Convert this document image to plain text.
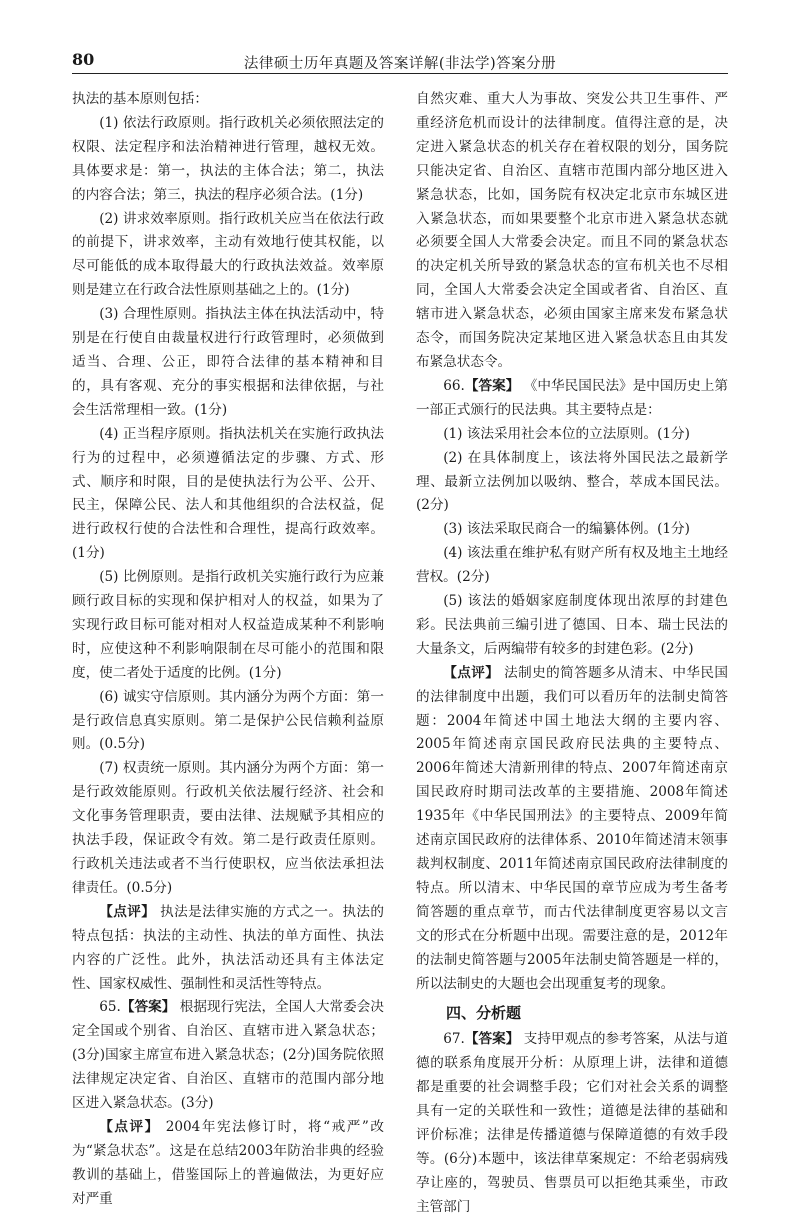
80	法律硕士历年真题及答案详解(非法学)答案分册

执法的基本原则包括：

(1) 依法行政原则。指行政机关必须依照法定的权限、法定程序和法治精神进行管理，越权无效。具体要求是：第一，执法的主体合法；第二，执法的内容合法；第三，执法的程序必须合法。(1分)

(2) 讲求效率原则。指行政机关应当在依法行政的前提下，讲求效率，主动有效地行使其权能，以尽可能低的成本取得最大的行政执法效益。效率原则是建立在行政合法性原则基础之上的。(1分)

(3) 合理性原则。指执法主体在执法活动中，特别是在行使自由裁量权进行行政管理时，必须做到适当、合理、公正，即符合法律的基本精神和目的，具有客观、充分的事实根据和法律依据，与社会生活常理相一致。(1分)

(4) 正当程序原则。指执法机关在实施行政执法行为的过程中，必须遵循法定的步骤、方式、形式、顺序和时限，目的是使执法行为公平、公开、民主，保障公民、法人和其他组织的合法权益，促进行政权行使的合法性和合理性，提高行政效率。(1分)

(5) 比例原则。是指行政机关实施行政行为应兼顾行政目标的实现和保护相对人的权益，如果为了实现行政目标可能对相对人权益造成某种不利影响时，应使这种不利影响限制在尽可能小的范围和限度，使二者处于适度的比例。(1分)

(6) 诚实守信原则。其内涵分为两个方面：第一是行政信息真实原则。第二是保护公民信赖利益原则。(0.5分)

(7) 权责统一原则。其内涵分为两个方面：第一是行政效能原则。行政机关依法履行经济、社会和文化事务管理职责，要由法律、法规赋予其相应的执法手段，保证政令有效。第二是行政责任原则。行政机关违法或者不当行使职权，应当依法承担法律责任。(0.5分)

【点评】 执法是法律实施的方式之一。执法的特点包括：执法的主动性、执法的单方面性、执法内容的广泛性。此外，执法活动还具有主体法定性、国家权威性、强制性和灵活性等特点。

65.【答案】 根据现行宪法，全国人大常委会决定全国或个别省、自治区、直辖市进入紧急状态；(3分)国家主席宣布进入紧急状态；(2分)国务院依照法律规定决定省、自治区、直辖市的范围内部分地区进入紧急状态。(3分)

【点评】 2004年宪法修订时，将“戒严”改为“紧急状态”。这是在总结2003年防治非典的经验教训的基础上，借鉴国际上的普遍做法，为更好应对严重

自然灾难、重大人为事故、突发公共卫生事件、严重经济危机而设计的法律制度。值得注意的是，决定进入紧急状态的机关存在着权限的划分，国务院只能决定省、自治区、直辖市范围内部分地区进入紧急状态，比如，国务院有权决定北京市东城区进入紧急状态，而如果要整个北京市进入紧急状态就必须要全国人大常委会决定。而且不同的紧急状态的决定机关所导致的紧急状态的宣布机关也不尽相同，全国人大常委会决定全国或者省、自治区、直辖市进入紧急状态，必须由国家主席来发布紧急状态令，而国务院决定某地区进入紧急状态且由其发布紧急状态令。

66.【答案】 《中华民国民法》是中国历史上第一部正式颁行的民法典。其主要特点是：

(1) 该法采用社会本位的立法原则。(1分)

(2) 在具体制度上，该法将外国民法之最新学理、最新立法例加以吸纳、整合，萃成本国民法。(2分)

(3) 该法采取民商合一的编纂体例。(1分)

(4) 该法重在维护私有财产所有权及地主土地经营权。(2分)

(5) 该法的婚姻家庭制度体现出浓厚的封建色彩。民法典前三编引进了德国、日本、瑞士民法的大量条文，后两编带有较多的封建色彩。(2分)

【点评】 法制史的简答题多从清末、中华民国的法律制度中出题，我们可以看历年的法制史简答题：2004年简述中国土地法大纲的主要内容、2005年简述南京国民政府民法典的主要特点、2006年简述大清新刑律的特点、2007年简述南京国民政府时期司法改革的主要措施、2008年简述1935年《中华民国刑法》的主要特点、2009年简述南京国民政府的法律体系、2010年简述清末领事裁判权制度、2011年简述南京国民政府法律制度的特点。所以清末、中华民国的章节应成为考生备考简答题的重点章节，而古代法律制度更容易以文言文的形式在分析题中出现。需要注意的是，2012年的法制史简答题与2005年法制史简答题是一样的，所以法制史的大题也会出现重复考的现象。

四、分析题

67.【答案】 支持甲观点的参考答案，从法与道德的联系角度展开分析：从原理上讲，法律和道德都是重要的社会调整手段；它们对社会关系的调整具有一定的关联性和一致性；道德是法律的基础和评价标准；法律是传播道德与保障道德的有效手段等。(6分)本题中，该法律草案规定：不给老弱病残孕让座的，驾驶员、售票员可以拒绝其乘坐，市政主管部门
